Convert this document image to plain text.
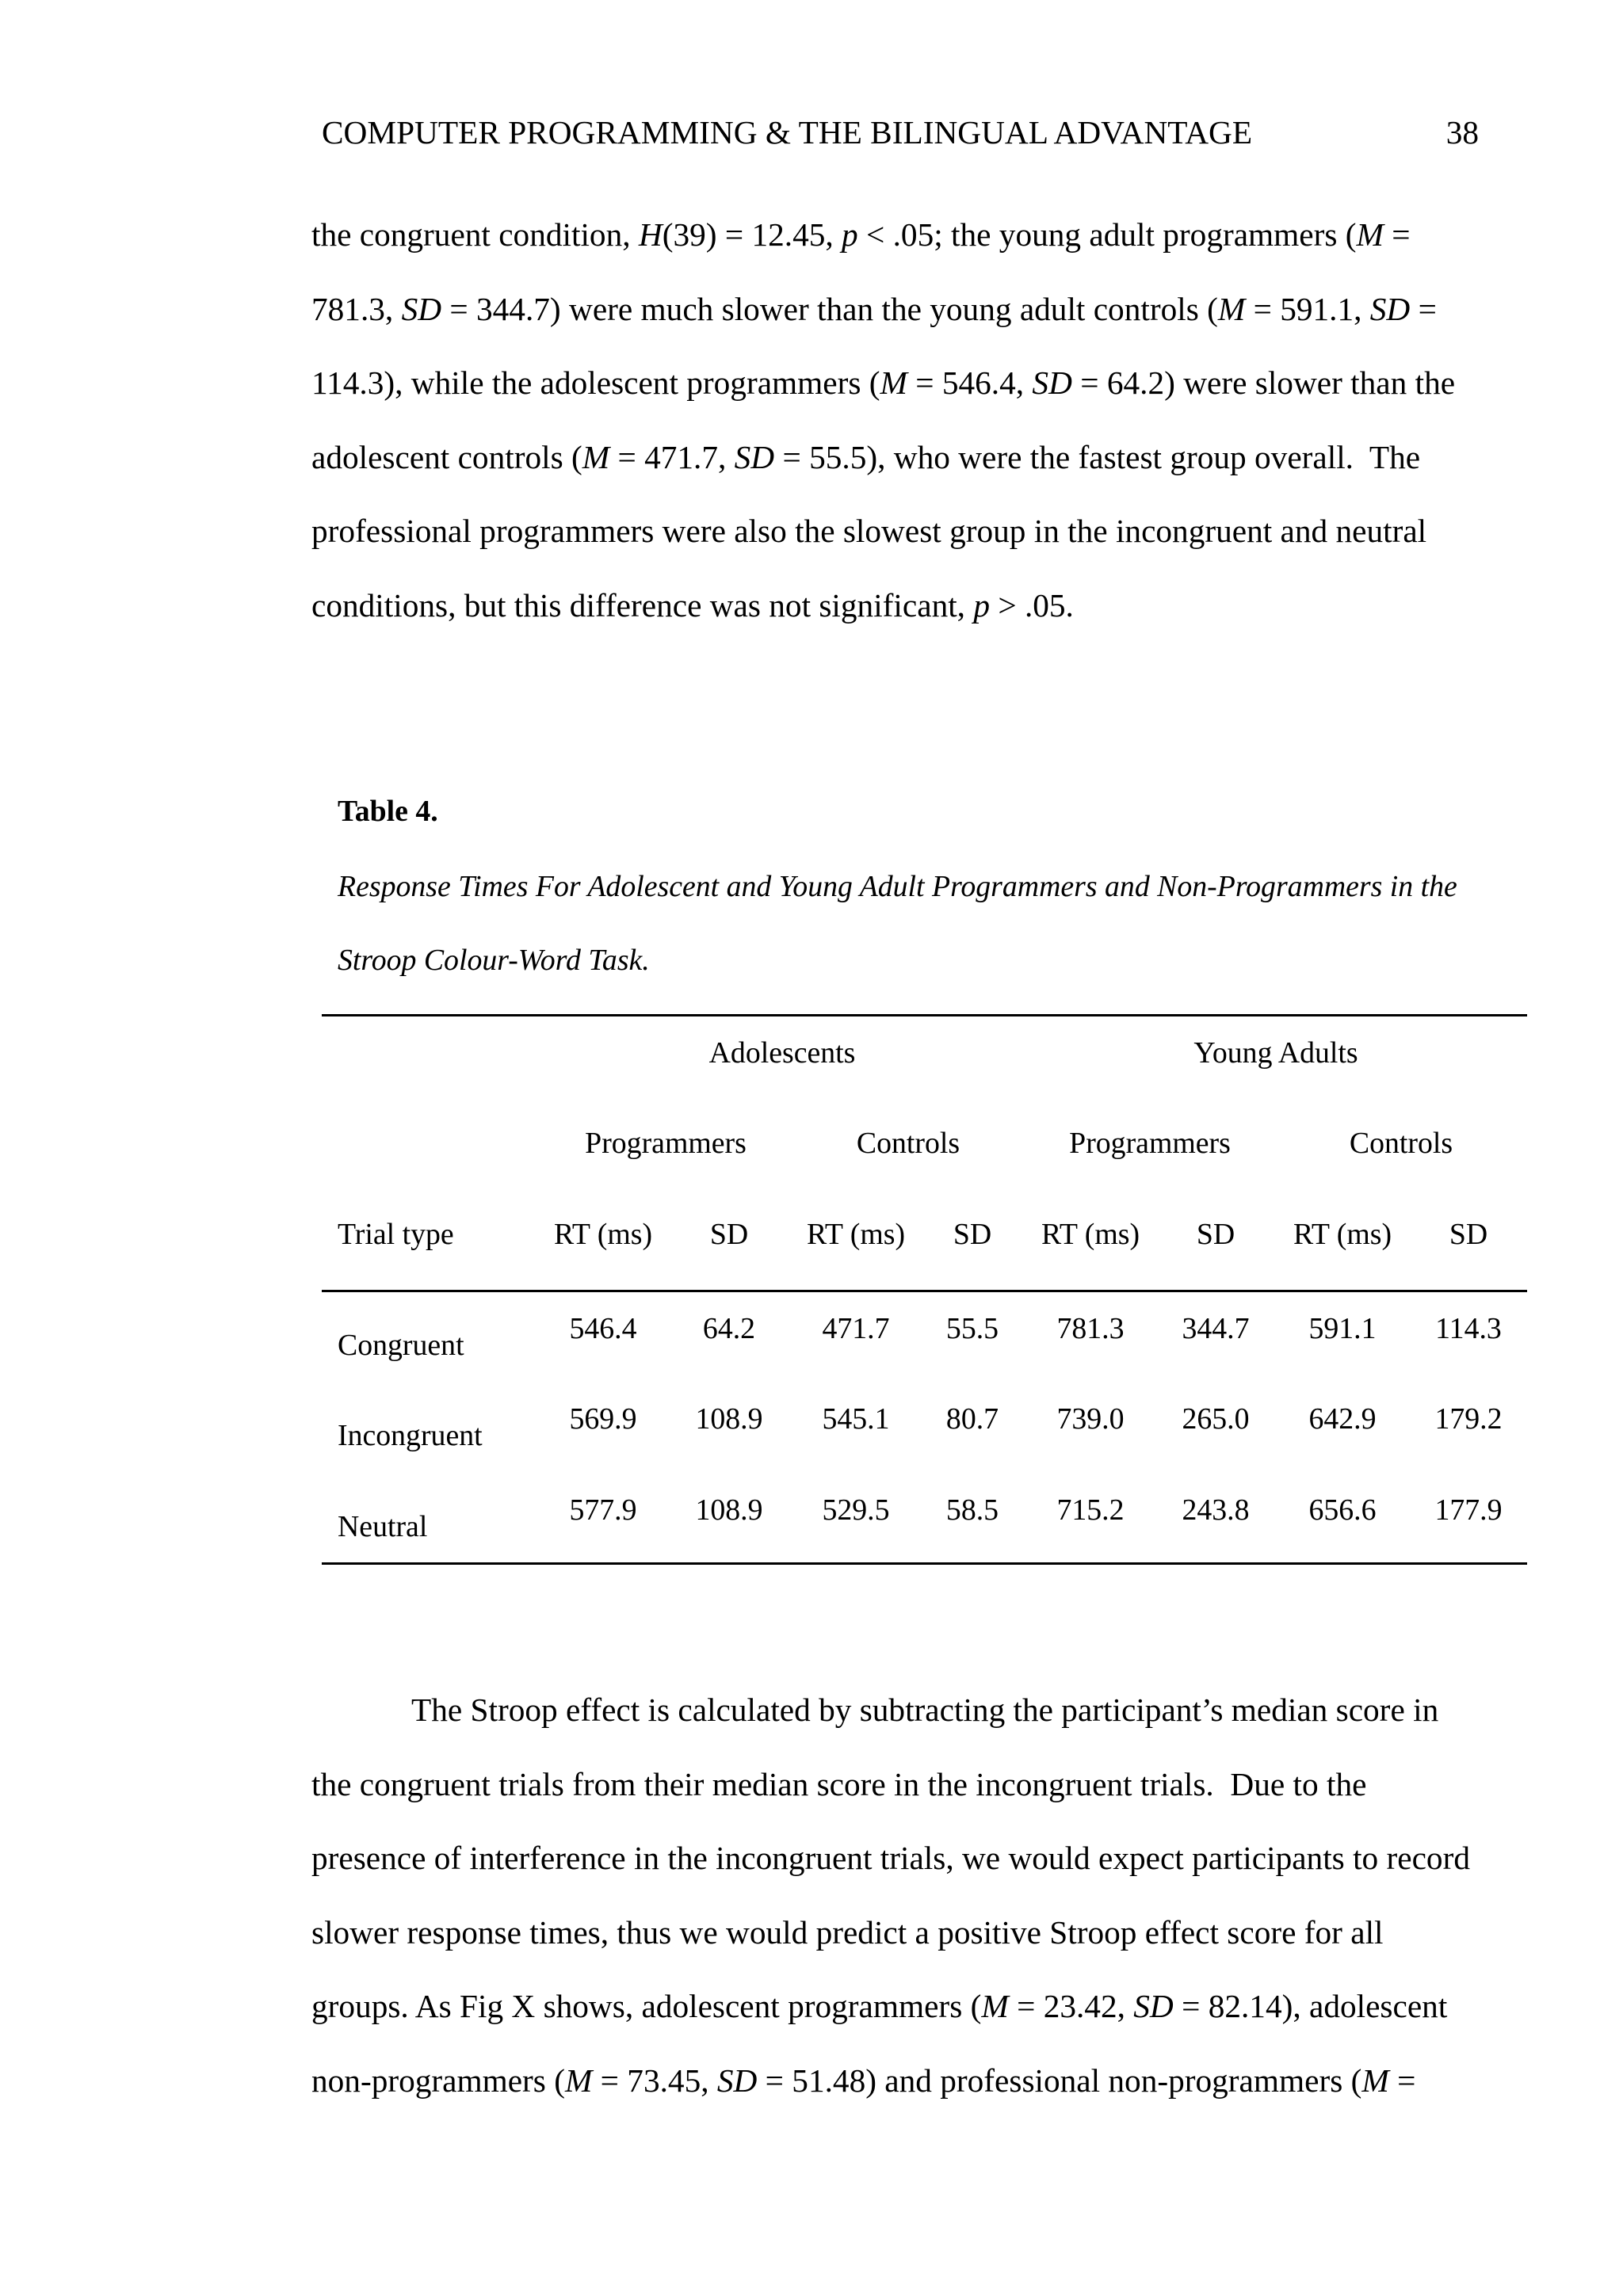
COMPUTER PROGRAMMING & THE BILINGUAL ADVANTAGE	38
the congruent condition, H(39) = 12.45, p < .05; the young adult programmers (M =
781.3, SD = 344.7) were much slower than the young adult controls (M = 591.1, SD =
114.3), while the adolescent programmers (M = 546.4, SD = 64.2) were slower than the
adolescent controls (M = 471.7, SD = 55.5), who were the fastest group overall.  The
professional programmers were also the slowest group in the incongruent and neutral
conditions, but this difference was not significant, p > .05.
Table 4.
Response Times For Adolescent and Young Adult Programmers and Non-Programmers in the
Stroop Colour-Word Task.
Adolescents	Young Adults
Programmers	Controls	Programmers	Controls
Trial type	RT (ms)	SD	RT (ms)	SD	RT (ms)	SD	RT (ms)	SD
Congruent	546.4	64.2	471.7	55.5	781.3	344.7	591.1	114.3
Incongruent	569.9	108.9	545.1	80.7	739.0	265.0	642.9	179.2
Neutral	577.9	108.9	529.5	58.5	715.2	243.8	656.6	177.9
The Stroop effect is calculated by subtracting the participant’s median score in
the congruent trials from their median score in the incongruent trials.  Due to the
presence of interference in the incongruent trials, we would expect participants to record
slower response times, thus we would predict a positive Stroop effect score for all
groups. As Fig X shows, adolescent programmers (M = 23.42, SD = 82.14), adolescent
non-programmers (M = 73.45, SD = 51.48) and professional non-programmers (M =
